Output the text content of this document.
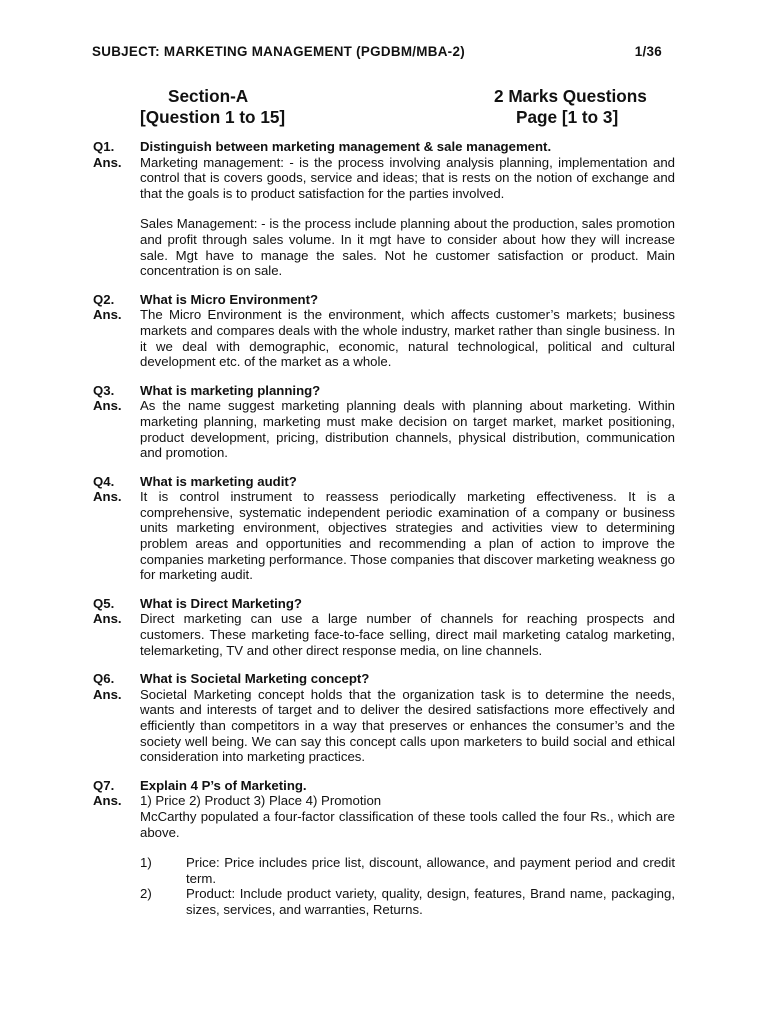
SUBJECT: MARKETING MANAGEMENT (PGDBM/MBA-2)	1/36
Section-A
[Question 1 to 15]
2 Marks Questions
Page [1 to 3]
Q1.	Distinguish between marketing management & sale management.
Ans.	Marketing management: - is the process involving analysis planning, implementation and control that is covers goods, service and ideas; that is rests on the notion of exchange and that the goals is to product satisfaction for the parties involved.
Sales Management: - is the process include planning about the production, sales promotion and profit through sales volume. In it mgt have to consider about how they will increase sale. Mgt have to manage the sales. Not he customer satisfaction or product. Main concentration is on sale.
Q2.	What is Micro Environment?
Ans.	The Micro Environment is the environment, which affects customer’s markets; business markets and compares deals with the whole industry, market rather than single business. In it we deal with demographic, economic, natural technological, political and cultural development etc. of the market as a whole.
Q3.	What is marketing planning?
Ans.	As the name suggest marketing planning deals with planning about marketing. Within marketing planning, marketing must make decision on target market, market positioning, product development, pricing, distribution channels, physical distribution, communication and promotion.
Q4.	What is marketing audit?
Ans.	It is control instrument to reassess periodically marketing effectiveness. It is a comprehensive, systematic independent periodic examination of a company or business units marketing environment, objectives strategies and activities view to determining problem areas and opportunities and recommending a plan of action to improve the companies marketing performance. Those companies that discover marketing weakness go for marketing audit.
Q5.	What is Direct Marketing?
Ans.	Direct marketing can use a large number of channels for reaching prospects and customers. These marketing face-to-face selling, direct mail marketing catalog marketing, telemarketing, TV and other direct response media, on line channels.
Q6.	What is Societal Marketing concept?
Ans.	Societal Marketing concept holds that the organization task is to determine the needs, wants and interests of target and to deliver the desired satisfactions more effectively and efficiently than competitors in a way that preserves or enhances the consumer’s and the society well being. We can say this concept calls upon marketers to build social and ethical consideration into marketing practices.
Q7.	Explain 4 P’s of Marketing.
Ans.	1) Price 2) Product 3) Place 4) Promotion
McCarthy populated a four-factor classification of these tools called the four Rs., which are above.
1)	Price: Price includes price list, discount, allowance, and payment period and credit term.
2)	Product: Include product variety, quality, design, features, Brand name, packaging, sizes, services, and warranties, Returns.
